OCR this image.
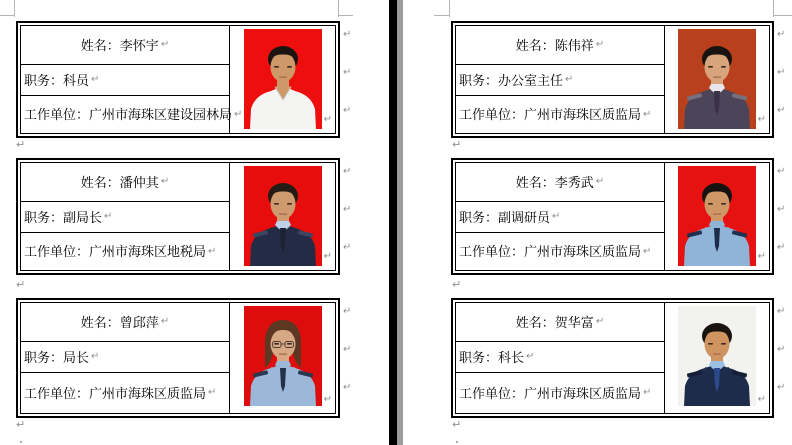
↵
↵
↵
↵
↵
↵
姓名： 李怀宇 ↵
职务： 科员 ↵
工作单位： 广州市海珠区建设园林局 ↵	↵
↵
↵
↵
姓名： 潘仲其 ↵
职务： 副局长 ↵
工作单位： 广州市海珠区地税局 ↵	↵
↵
↵
↵
姓名： 曾邱萍 ↵
职务： 局长 ↵
工作单位： 广州市海珠区质监局 ↵
↵
↵
↵
↵
姓名： 陈伟祥 ↵
职务： 办公室主任 ↵
工作单位： 广州市海珠区质监局 ↵	↵
↵
↵
↵
姓名： 李秀武 ↵
职务： 副调研员 ↵
工作单位： 广州市海珠区质监局 ↵	↵
↵
↵
↵
姓名： 贺华富 ↵
职务： 科长 ↵
工作单位： 广州市海珠区质监局 ↵
↵
↵
↵
↵
